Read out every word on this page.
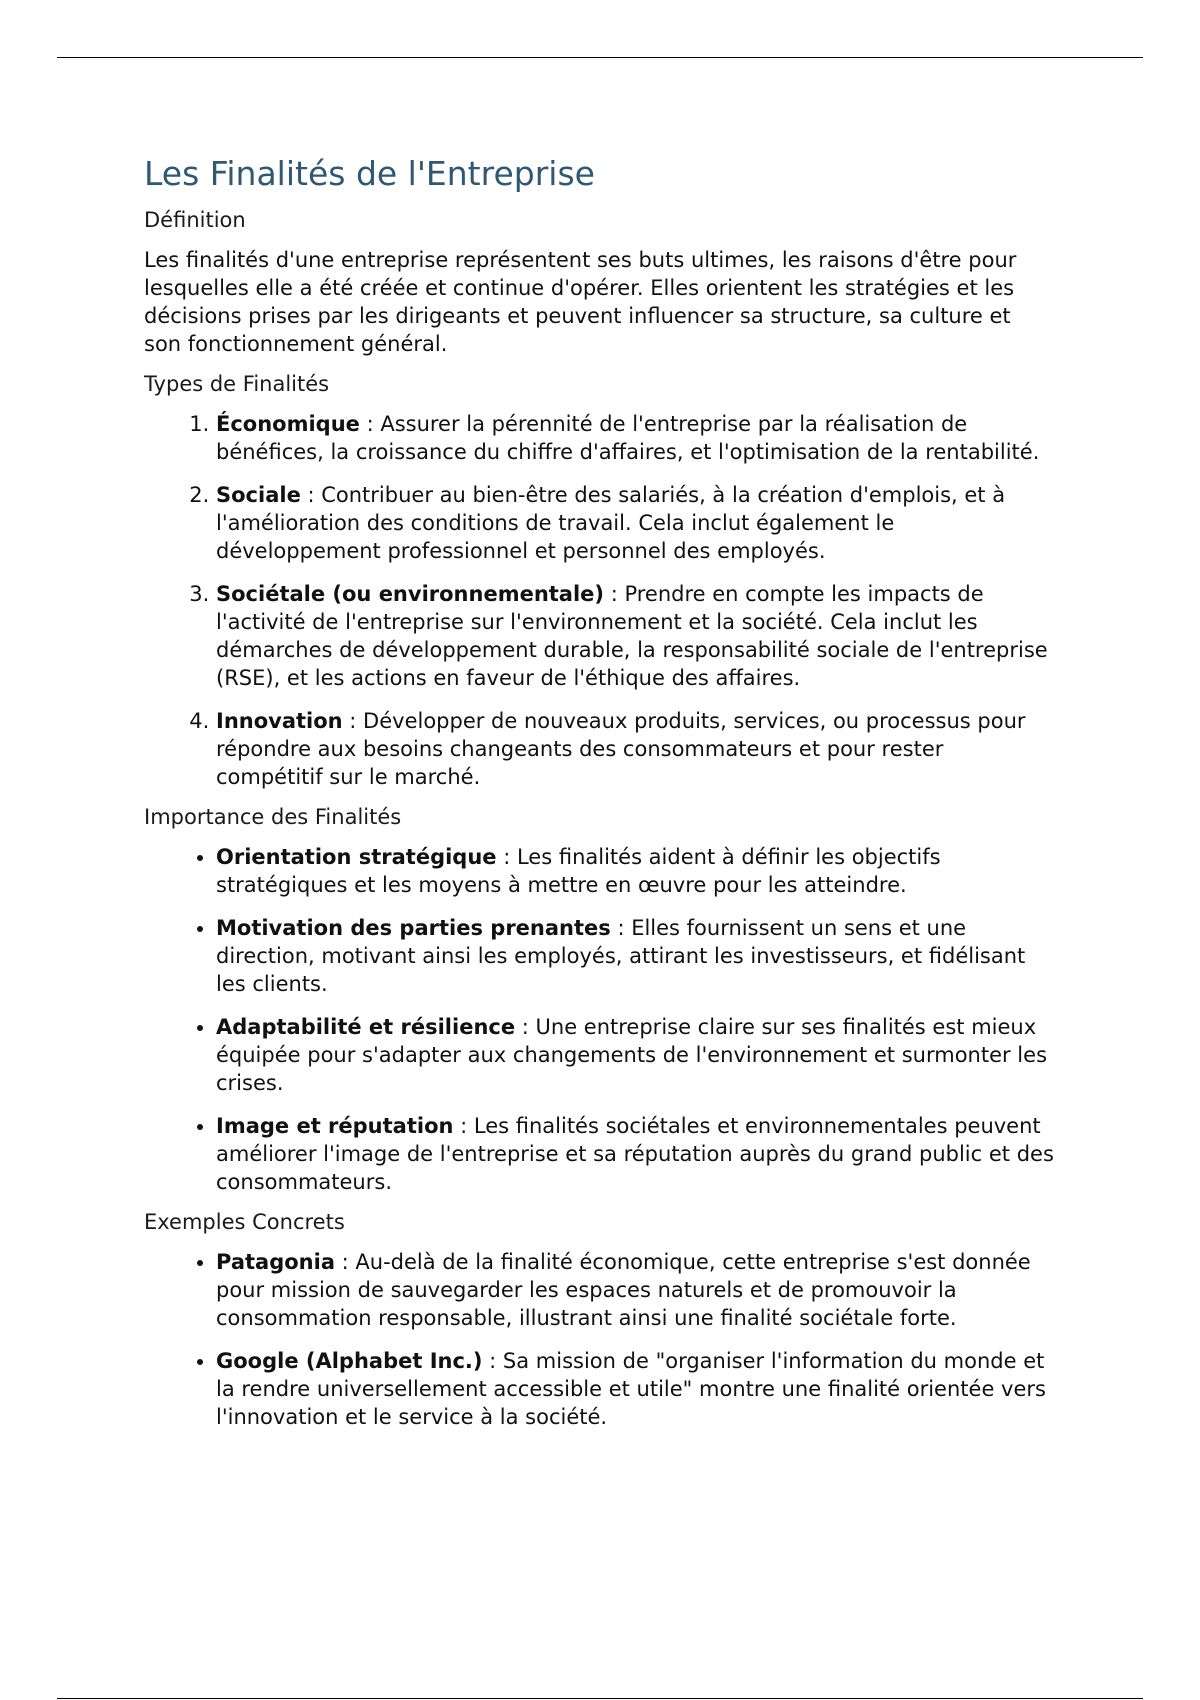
Les Finalités de l'Entreprise
Définition

Les finalités d'une entreprise représentent ses buts ultimes, les raisons d'être pour lesquelles elle a été créée et continue d'opérer. Elles orientent les stratégies et les décisions prises par les dirigeants et peuvent influencer sa structure, sa culture et son fonctionnement général.

Types de Finalités
1. Économique : Assurer la pérennité de l'entreprise par la réalisation de bénéfices, la croissance du chiffre d'affaires, et l'optimisation de la rentabilité.
2. Sociale : Contribuer au bien-être des salariés, à la création d'emplois, et à l'amélioration des conditions de travail. Cela inclut également le développement professionnel et personnel des employés.
3. Sociétale (ou environnementale) : Prendre en compte les impacts de l'activité de l'entreprise sur l'environnement et la société. Cela inclut les démarches de développement durable, la responsabilité sociale de l'entreprise (RSE), et les actions en faveur de l'éthique des affaires.
4. Innovation : Développer de nouveaux produits, services, ou processus pour répondre aux besoins changeants des consommateurs et pour rester compétitif sur le marché.
Importance des Finalités
• Orientation stratégique : Les finalités aident à définir les objectifs stratégiques et les moyens à mettre en œuvre pour les atteindre.
• Motivation des parties prenantes : Elles fournissent un sens et une direction, motivant ainsi les employés, attirant les investisseurs, et fidélisant les clients.
• Adaptabilité et résilience : Une entreprise claire sur ses finalités est mieux équipée pour s'adapter aux changements de l'environnement et surmonter les crises.
• Image et réputation : Les finalités sociétales et environnementales peuvent améliorer l'image de l'entreprise et sa réputation auprès du grand public et des consommateurs.
Exemples Concrets
• Patagonia : Au-delà de la finalité économique, cette entreprise s'est donnée pour mission de sauvegarder les espaces naturels et de promouvoir la consommation responsable, illustrant ainsi une finalité sociétale forte.
• Google (Alphabet Inc.) : Sa mission de "organiser l'information du monde et la rendre universellement accessible et utile" montre une finalité orientée vers l'innovation et le service à la société.
